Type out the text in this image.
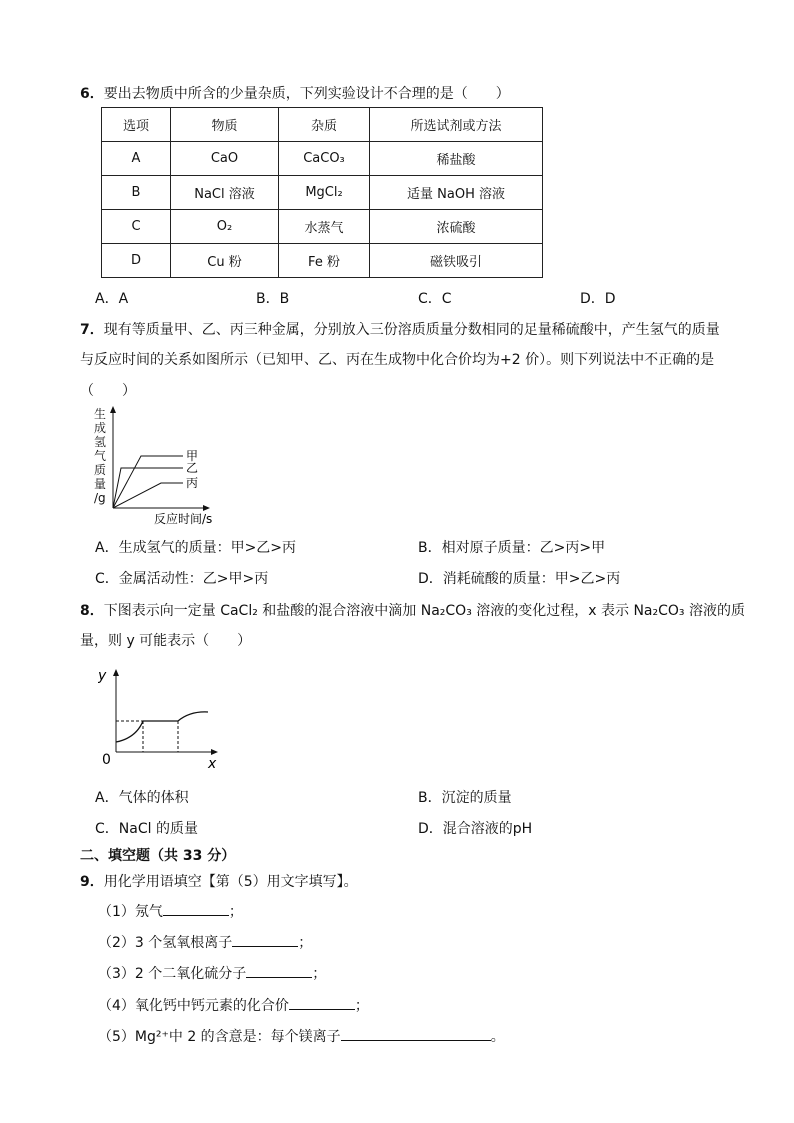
6．要出去物质中所含的少量杂质，下列实验设计不合理的是（　　）
选项	物质	杂质	所选试剂或方法
A	CaO	CaCO₃	稀盐酸
B	NaCl 溶液	MgCl₂	适量 NaOH 溶液
C	O₂	水蒸气	浓硫酸
D	Cu 粉	Fe 粉	磁铁吸引
A．A	B．B	C．C	D．D
7．现有等质量甲、乙、丙三种金属，分别放入三份溶质质量分数相同的足量稀硫酸中，产生氢气的质量
与反应时间的关系如图所示（已知甲、乙、丙在生成物中化合价均为+2 价）。则下列说法中不正确的是
（　　）
生
成
氢
气
质
量
/g
甲
乙
丙
反应时间/s
A．生成氢气的质量：甲>乙>丙	B．相对原子质量：乙>丙>甲
C．金属活动性：乙>甲>丙	D．消耗硫酸的质量：甲>乙>丙
8．下图表示向一定量 CaCl₂ 和盐酸的混合溶液中滴加 Na₂CO₃ 溶液的变化过程，x 表示 Na₂CO₃ 溶液的质
量，则 y 可能表示（　　）
y
0	x
A．气体的体积	B．沉淀的质量
C．NaCl 的质量	D．混合溶液的pH
二、填空题（共 33 分）
9．用化学用语填空【第（5）用文字填写】。
（1）氖气	；
（2）3 个氢氧根离子	；
（3）2 个二氧化硫分子	；
（4）氧化钙中钙元素的化合价	；
（5）Mg²⁺中 2 的含意是：每个镁离子	。
